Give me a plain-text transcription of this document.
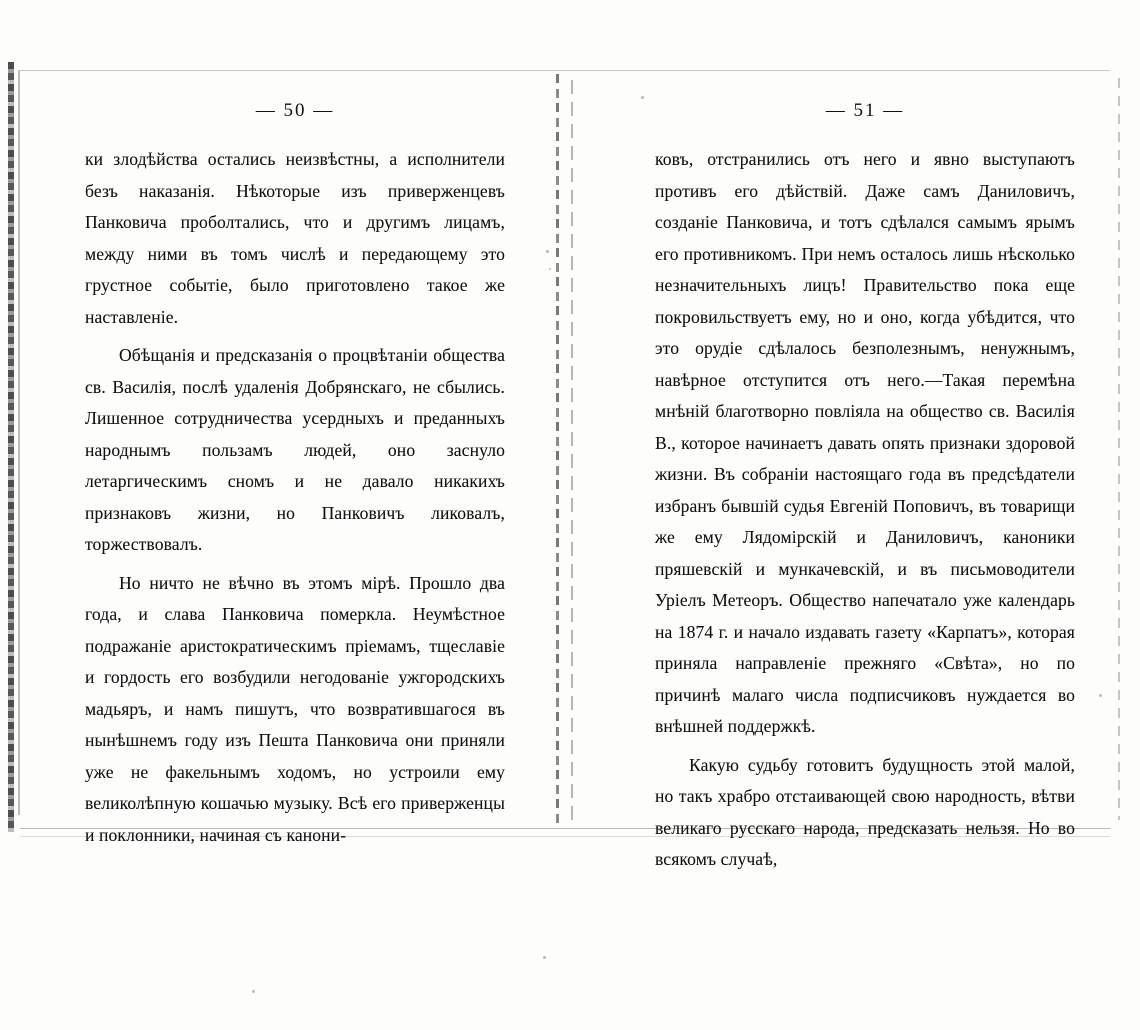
— 50 —

ки злодѣйства остались неизвѣстны, а исполнители безъ наказанія. Нѣкоторые изъ приверженцевъ Панковича проболтались, что и другимъ лицамъ, между ними въ томъ числѣ и передающему это грустное событіе, было приготовлено такое же наставленіе.

Обѣщанія и предсказанія о процвѣтаніи общества св. Василія, послѣ удаленія Добрянскаго, не сбылись. Лишенное сотрудничества усердныхъ и преданныхъ народнымъ пользамъ людей, оно заснуло летаргическимъ сномъ и не давало никакихъ признаковъ жизни, но Панковичъ ликовалъ, торжествовалъ.

Но ничто не вѣчно въ этомъ мірѣ. Прошло два года, и слава Панковича померкла. Неумѣстное подражаніе аристократическимъ пріемамъ, тщеславіе и гордость его возбудили негодованіе ужгородскихъ мадьяръ, и намъ пишутъ, что возвратившагося въ нынѣшнемъ году изъ Пешта Панковича они приняли уже не факельнымъ ходомъ, но устроили ему великолѣпную кошачью музыку. Всѣ его приверженцы и поклонники, начиная съ канони-

— 51 —

ковъ, отстранились отъ него и явно выступаютъ противъ его дѣйствій. Даже самъ Даниловичъ, созданіе Панковича, и тотъ сдѣлался самымъ ярымъ его противникомъ. При немъ осталось лишь нѣсколько незначительныхъ лицъ! Правительство пока еще покровильствуетъ ему, но и оно, когда убѣдится, что это орудіе сдѣлалось безполезнымъ, ненужнымъ, навѣрное отступится отъ него.—Такая перемѣна мнѣній благотворно повліяла на общество св. Василія В., которое начинаетъ давать опять признаки здоровой жизни. Въ собраніи настоящаго года въ предсѣдатели избранъ бывшій судья Евгеній Поповичъ, въ товарищи же ему Лядомірскій и Даниловичъ, каноники пряшевскій и мункачевскій, и въ письмоводители Уріелъ Метеоръ. Общество напечатало уже календарь на 1874 г. и начало издавать газету «Карпатъ», которая приняла направленіе прежняго «Свѣта», но по причинѣ малаго числа подписчиковъ нуждается во внѣшней поддержкѣ.

Какую судьбу готовитъ будущность этой малой, но такъ храбро отстаивающей свою народность, вѣтви великаго русскаго народа, предсказать нельзя. Но во всякомъ случаѣ,
